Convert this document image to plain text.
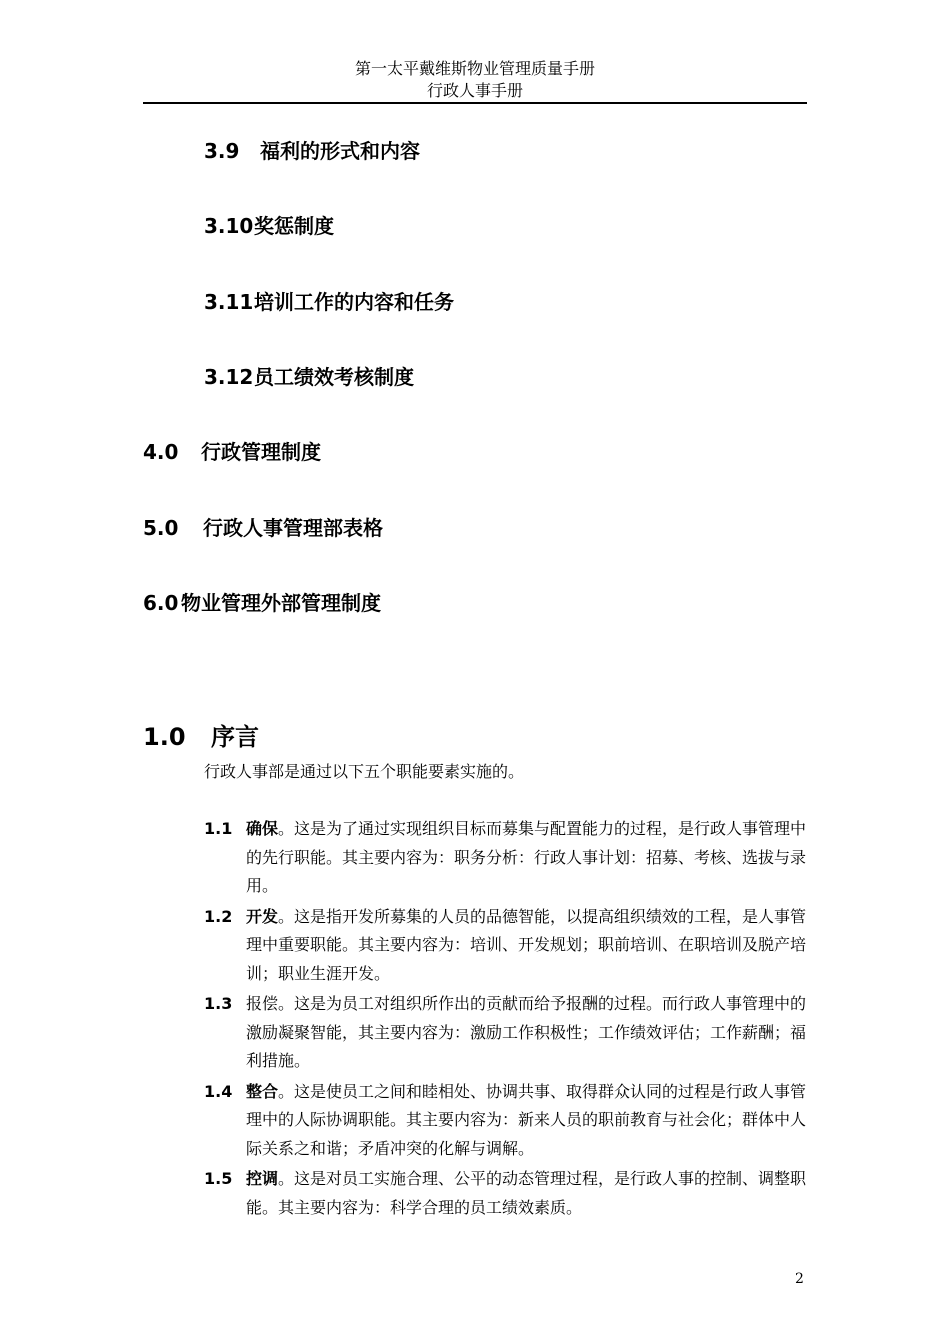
第一太平戴维斯物业管理质量手册
行政人事手册
3.9 福利的形式和内容
3.10奖惩制度
3.11培训工作的内容和任务
3.12员工绩效考核制度
4.0 行政管理制度
5.0 行政人事管理部表格
6.0 物业管理外部管理制度
1.0 序言
行政人事部是通过以下五个职能要素实施的。
1.1 确保。这是为了通过实现组织目标而募集与配置能力的过程，是行政人事管理中的先行职能。其主要内容为：职务分析：行政人事计划：招募、考核、选拔与录用。
1.2 开发。这是指开发所募集的人员的品德智能，以提高组织绩效的工程，是人事管理中重要职能。其主要内容为：培训、开发规划；职前培训、在职培训及脱产培训；职业生涯开发。
1.3 报偿。这是为员工对组织所作出的贡献而给予报酬的过程。而行政人事管理中的激励凝聚智能，其主要内容为：激励工作积极性；工作绩效评估；工作薪酬；福利措施。
1.4 整合。这是使员工之间和睦相处、协调共事、取得群众认同的过程是行政人事管理中的人际协调职能。其主要内容为：新来人员的职前教育与社会化；群体中人际关系之和谐；矛盾冲突的化解与调解。
1.5 控调。这是对员工实施合理、公平的动态管理过程，是行政人事的控制、调整职能。其主要内容为：科学合理的员工绩效素质。
2
